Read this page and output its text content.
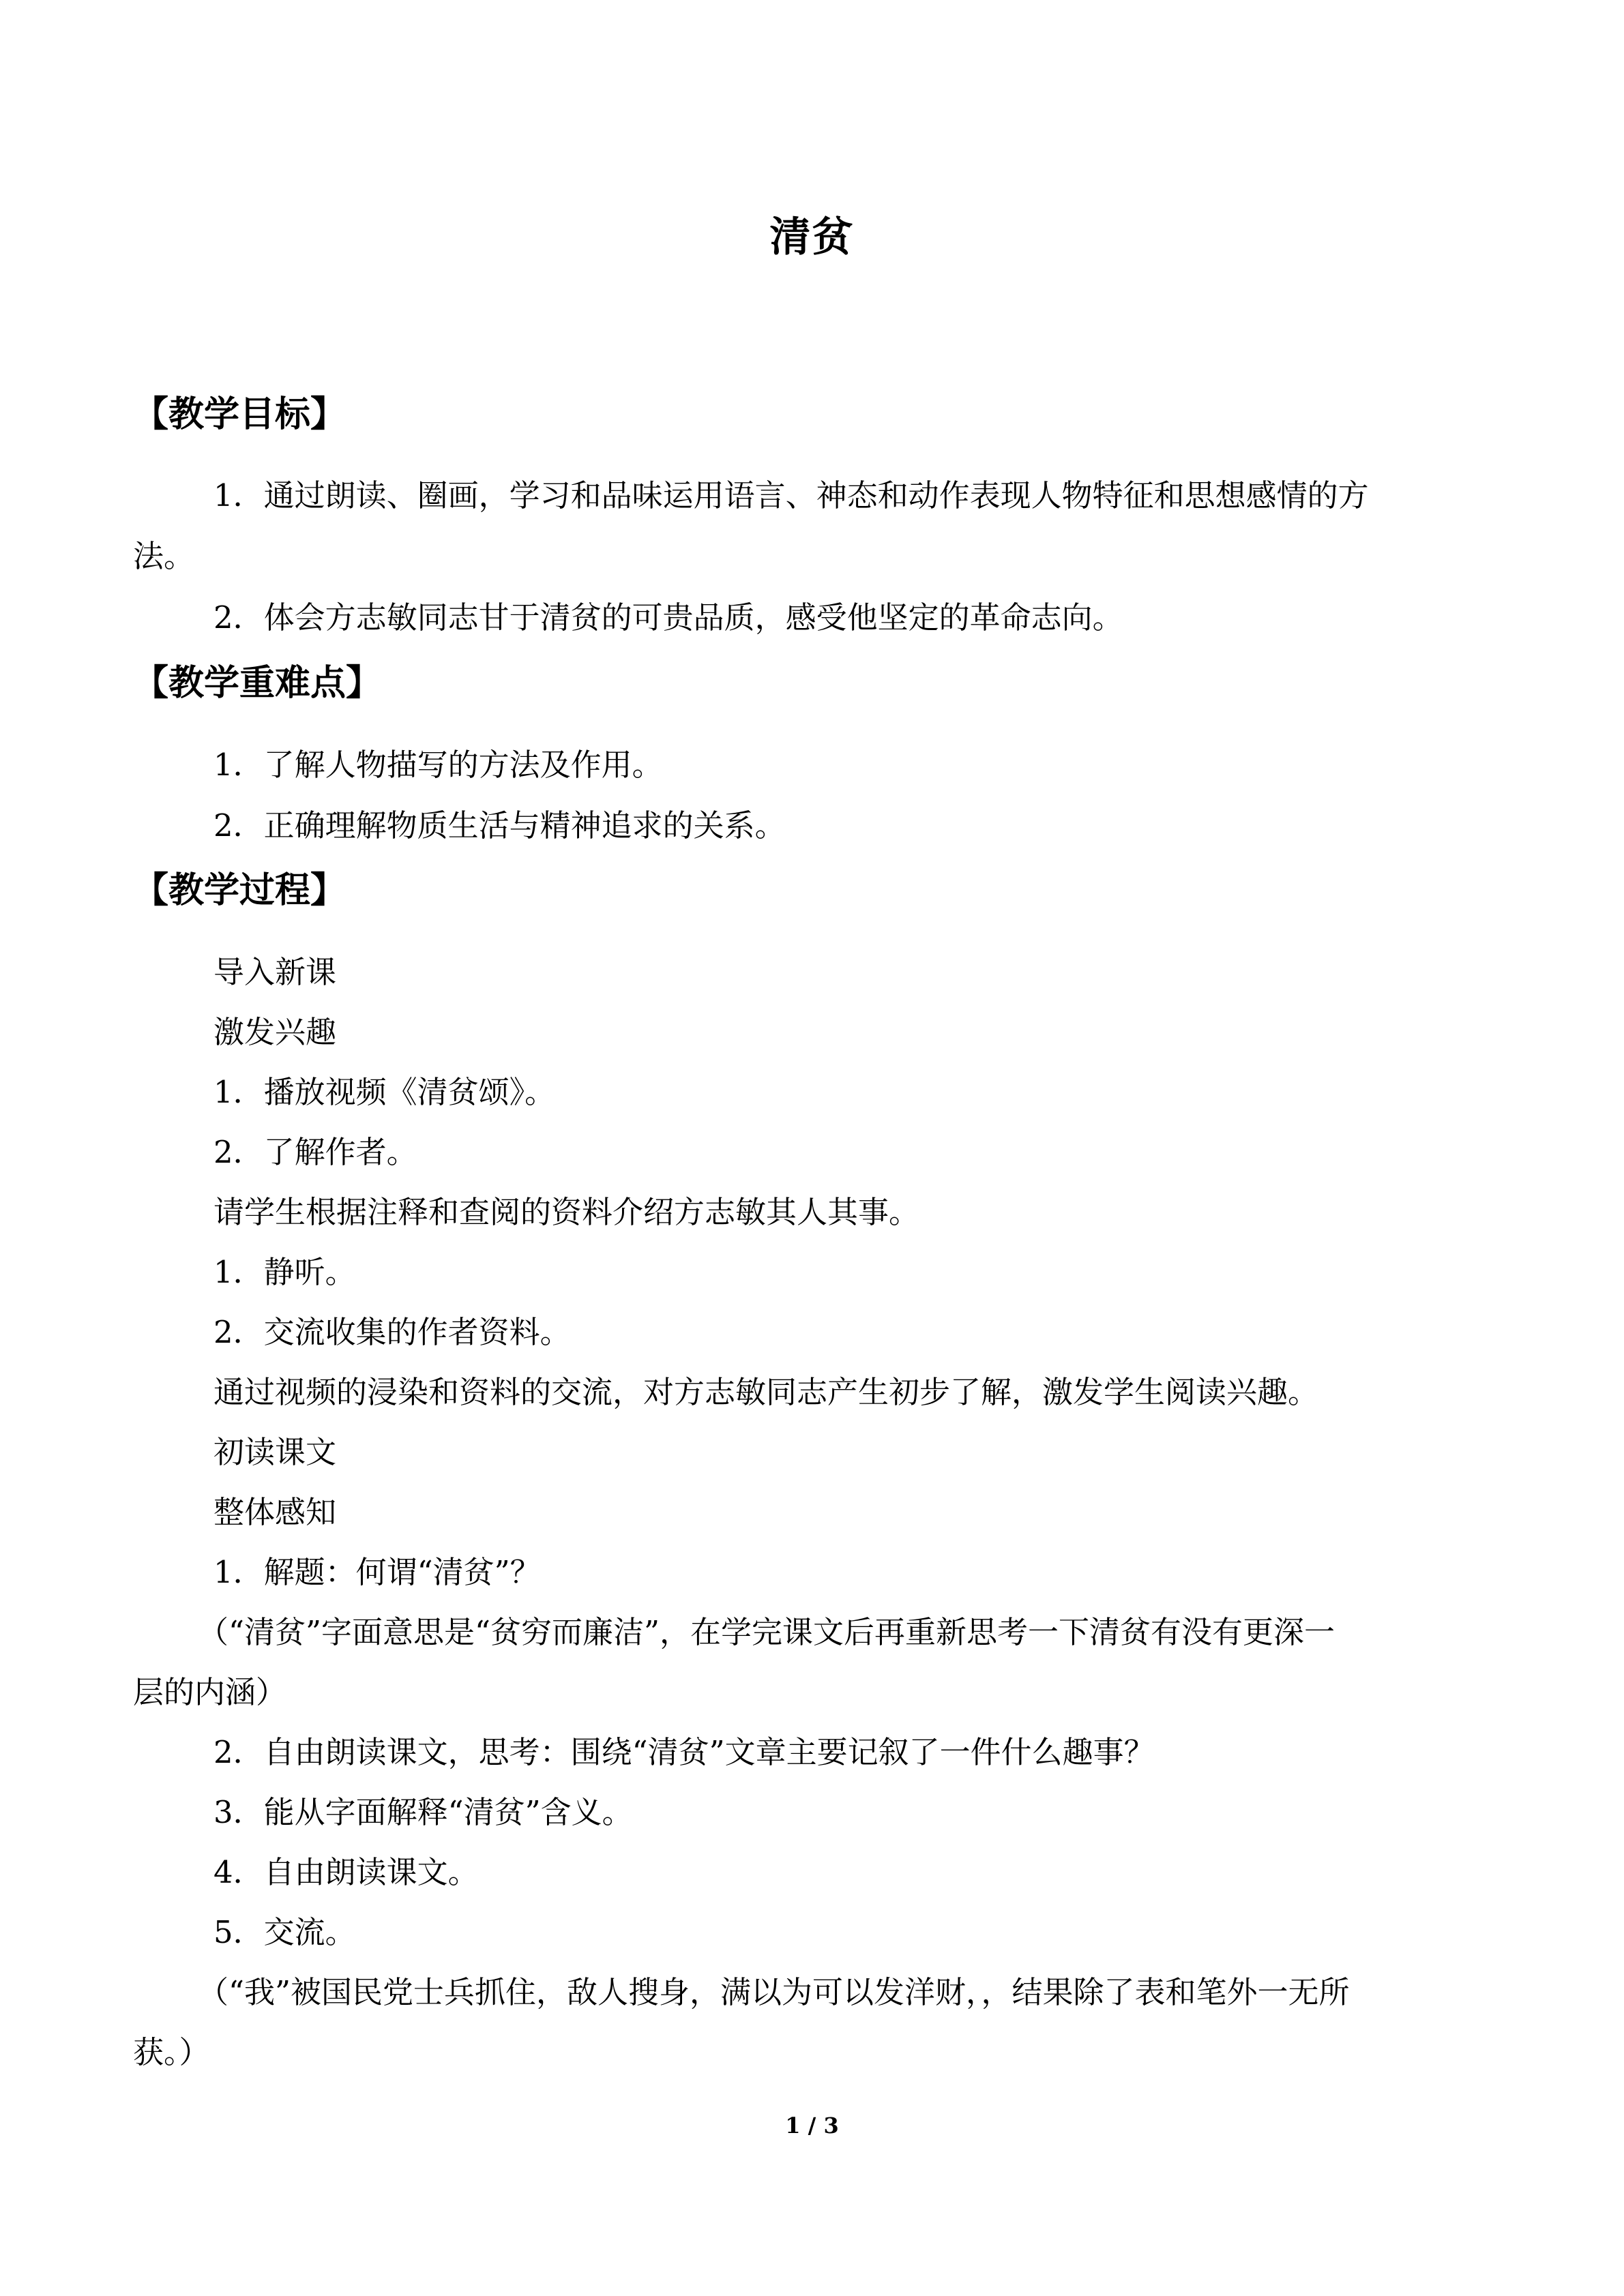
清贫
【教学目标】
1．通过朗读、圈画，学习和品味运用语言、神态和动作表现人物特征和思想感情的方
法。
2．体会方志敏同志甘于清贫的可贵品质，感受他坚定的革命志向。
【教学重难点】
1．了解人物描写的方法及作用。
2．正确理解物质生活与精神追求的关系。
【教学过程】
导入新课
激发兴趣
1．播放视频《清贫颂》。
2．了解作者。
请学生根据注释和查阅的资料介绍方志敏其人其事。
1．静听。
2．交流收集的作者资料。
通过视频的浸染和资料的交流，对方志敏同志产生初步了解，激发学生阅读兴趣。
初读课文
整体感知
1．解题：何谓“清贫”？
（“清贫”字面意思是“贫穷而廉洁”，在学完课文后再重新思考一下清贫有没有更深一
层的内涵）
2．自由朗读课文，思考：围绕“清贫”文章主要记叙了一件什么趣事？
3．能从字面解释“清贫”含义。
4．自由朗读课文。
5．交流。
（“我”被国民党士兵抓住，敌人搜身，满以为可以发洋财，，结果除了表和笔外一无所
获。）
1 / 3
